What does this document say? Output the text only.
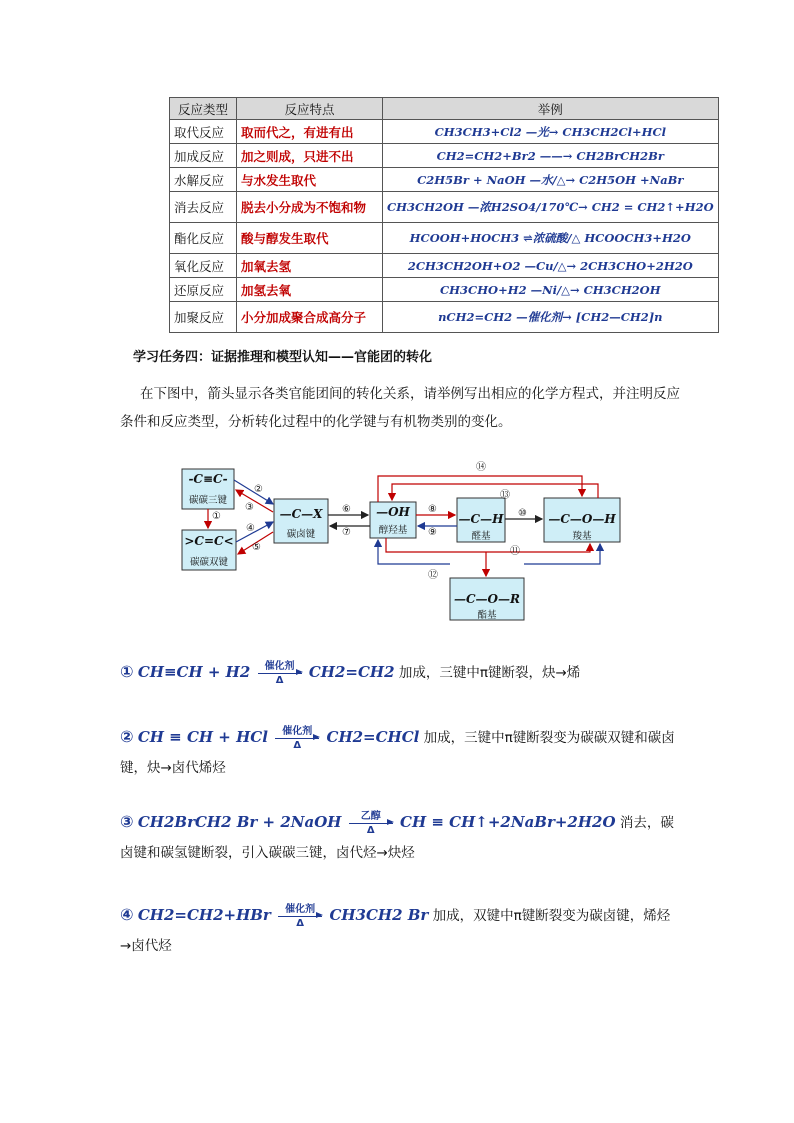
反应类型	反应特点	举例
取代反应	取而代之，有进有出	CH3CH3+Cl2 —光→ CH3CH2Cl+HCl
加成反应	加之则成，只进不出	CH2=CH2+Br2 ——→ CH2BrCH2Br
水解反应	与水发生取代	C2H5Br + NaOH —水/△→ C2H5OH +NaBr
消去反应	脱去小分成为不饱和物	CH3CH2OH —浓H2SO4/170℃→ CH2 = CH2↑+H2O
酯化反应	酸与醇发生取代	HCOOH+HOCH3 ⇌浓硫酸/△ HCOOCH3+H2O
氧化反应	加氧去氢	2CH3CH2OH+O2 —Cu/△→ 2CH3CHO+2H2O
还原反应	加氢去氧	CH3CHO+H2 —Ni/△→ CH3CH2OH
加聚反应	小分加成聚合成高分子	nCH2=CH2 —催化剂→ [CH2—CH2]n
学习任务四：证据推理和模型认知——官能团的转化
在下图中，箭头显示各类官能团间的转化关系，请举例写出相应的化学方程式，并注明反应条件和反应类型，分析转化过程中的化学键与有机物类别的变化。
-C≡C-
碳碳三键
>C=C<
碳碳双键
—C—X
碳卤键
—OH
醇羟基
—C—H
醛基
—C—O—H
羧基
—C—O—R
酯基
①
②
③
④
⑤
⑥
⑦
⑧
⑨
⑩
⑪
⑫
⑬
⑭
① CH≡CH + H2 催化剂
Δ CH2=CH2 加成，三键中π键断裂，炔→烯
② CH ≡ CH + HCl 催化剂
Δ CH2=CHCl 加成，三键中π键断裂变为碳碳双键和碳卤键，炔→卤代烯烃
③ CH2BrCH2 Br + 2NaOH 乙醇
Δ CH ≡ CH↑+2NaBr+2H2O 消去，碳卤键和碳氢键断裂，引入碳碳三键，卤代烃→炔烃
④ CH2=CH2+HBr 催化剂
Δ CH3CH2 Br 加成，双键中π键断裂变为碳卤键，烯烃→卤代烃
